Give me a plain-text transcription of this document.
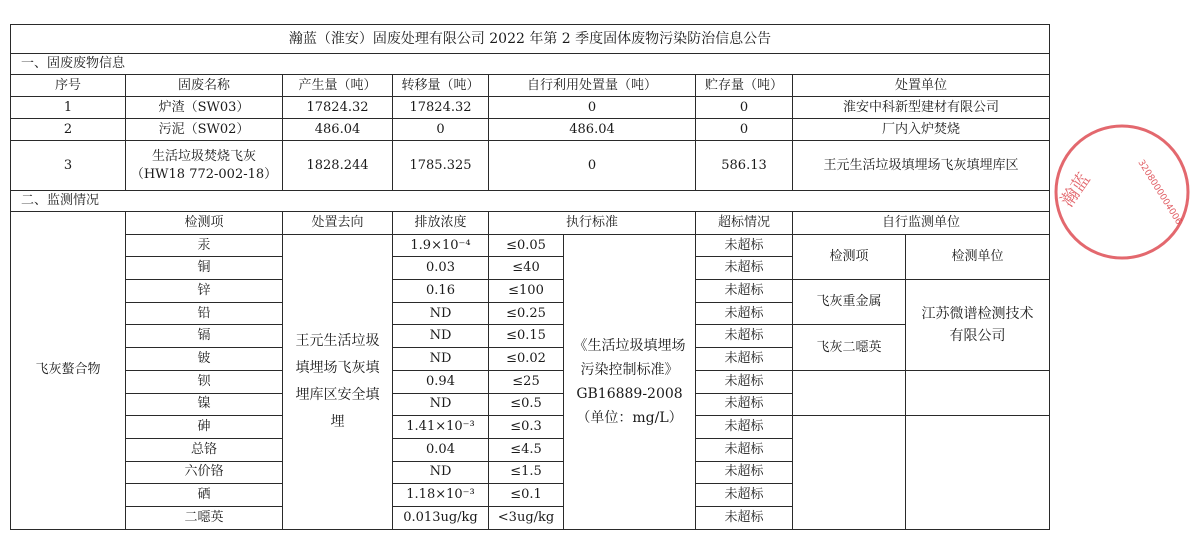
瀚蓝（淮安）固废处理有限公司 2022 年第 2 季度固体废物污染防治信息公告								
一、固废废物信息								
序号	固废名称	产生量（吨）	转移量（吨）	自行利用处置量（吨）		贮存量（吨）	处置单位	
1	炉渣（SW03）	17824.32	17824.32	0		0	淮安中科新型建材有限公司	
2	污泥（SW02）	486.04	0	486.04		0	厂内入炉焚烧	
3	生活垃圾焚烧飞灰
（HW18 772-002-18）	1828.244	1785.325	0		586.13	王元生活垃圾填埋场飞灰填埋库区	
二、监测情况								
飞灰螯合物	检测项	处置去向	排放浓度	执行标准		超标情况	自行监测单位	
	汞	王元生活垃圾填埋场飞灰填埋库区安全填埋	1.9×10⁻⁴	≤0.05	《生活垃圾填埋场污染控制标准》GB16889-2008（单位：mg/L）	未超标	检测项	检测单位
	铜		0.03	≤40		未超标		
	锌		0.16	≤100		未超标	飞灰重金属	江苏微谱检测技术有限公司
	铅		ND	≤0.25		未超标		
	镉		ND	≤0.15		未超标	飞灰二噁英	
	铍		ND	≤0.02		未超标		
	钡		0.94	≤25		未超标		
	镍		ND	≤0.5		未超标		
	砷		1.41×10⁻³	≤0.3		未超标		
	总铬		0.04	≤4.5		未超标		
	六价铬		ND	≤1.5		未超标		
	硒		1.18×10⁻³	≤0.1		未超标		
	二噁英		0.013ug/kg	<3ug/kg		未超标		
3208000004006
瀚蓝
